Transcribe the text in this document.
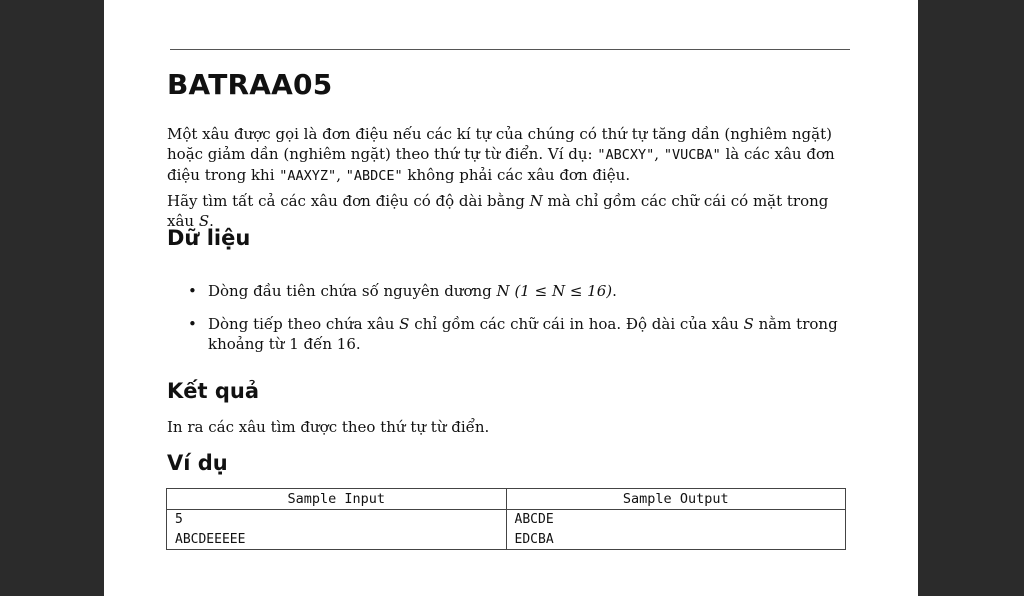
BATRAA05

Một xâu được gọi là đơn điệu nếu các kí tự của chúng có thứ tự tăng dần (nghiêm ngặt) hoặc giảm dần (nghiêm ngặt) theo thứ tự từ điển. Ví dụ: "ABCXY", "VUCBA" là các xâu đơn điệu trong khi "AAXYZ", "ABDCE" không phải các xâu đơn điệu.

Hãy tìm tất cả các xâu đơn điệu có độ dài bằng N mà chỉ gồm các chữ cái có mặt trong xâu S.

Dữ liệu
• Dòng đầu tiên chứa số nguyên dương N (1 ≤ N ≤ 16).
• Dòng tiếp theo chứa xâu S chỉ gồm các chữ cái in hoa. Độ dài của xâu S nằm trong khoảng từ 1 đến 16.
Kết quả

In ra các xâu tìm được theo thứ tự từ điển.

Ví dụ
Sample Input	Sample Output
5	ABCDE
ABCDEEEEE	EDCBA
